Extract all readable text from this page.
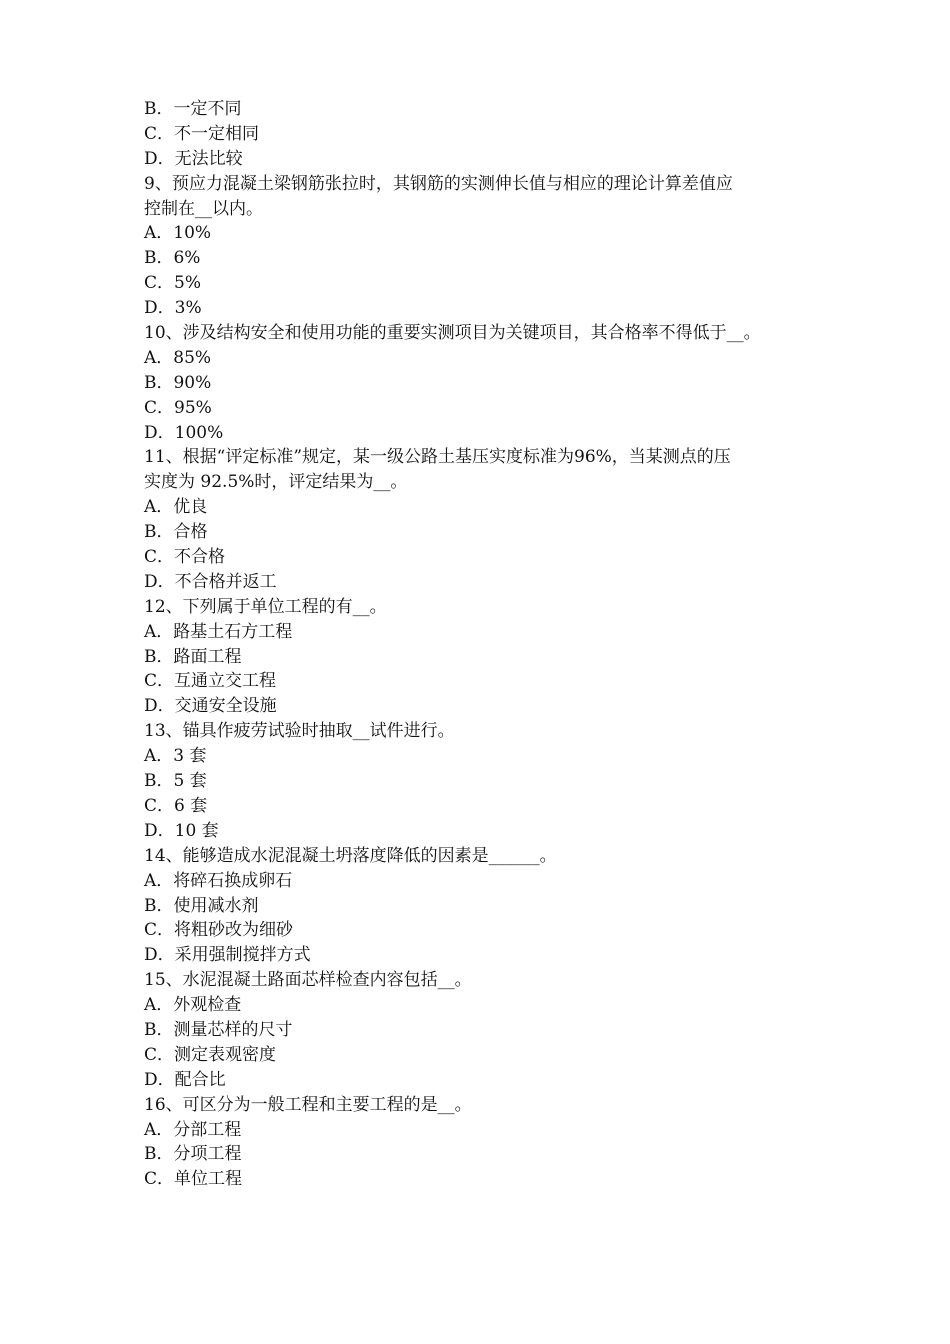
B．一定不同
C．不一定相同
D．无法比较
9、预应力混凝土梁钢筋张拉时，其钢筋的实测伸长值与相应的理论计算差值应
控制在__以内。
A．10%
B．6%
C．5%
D．3%
10、涉及结构安全和使用功能的重要实测项目为关键项目，其合格率不得低于__。
A．85%
B．90%
C．95%
D．100%
11、根据“评定标准”规定，某一级公路土基压实度标准为96%，当某测点的压
实度为 92.5%时，评定结果为__。
A．优良
B．合格
C．不合格
D．不合格并返工
12、下列属于单位工程的有__。
A．路基土石方工程
B．路面工程
C．互通立交工程
D．交通安全设施
13、锚具作疲劳试验时抽取__试件进行。
A．3 套
B．5 套
C．6 套
D．10 套
14、能够造成水泥混凝土坍落度降低的因素是______。
A．将碎石换成卵石
B．使用减水剂
C．将粗砂改为细砂
D．采用强制搅拌方式
15、水泥混凝土路面芯样检查内容包括__。
A．外观检查
B．测量芯样的尺寸
C．测定表观密度
D．配合比
16、可区分为一般工程和主要工程的是__。
A．分部工程
B．分项工程
C．单位工程
